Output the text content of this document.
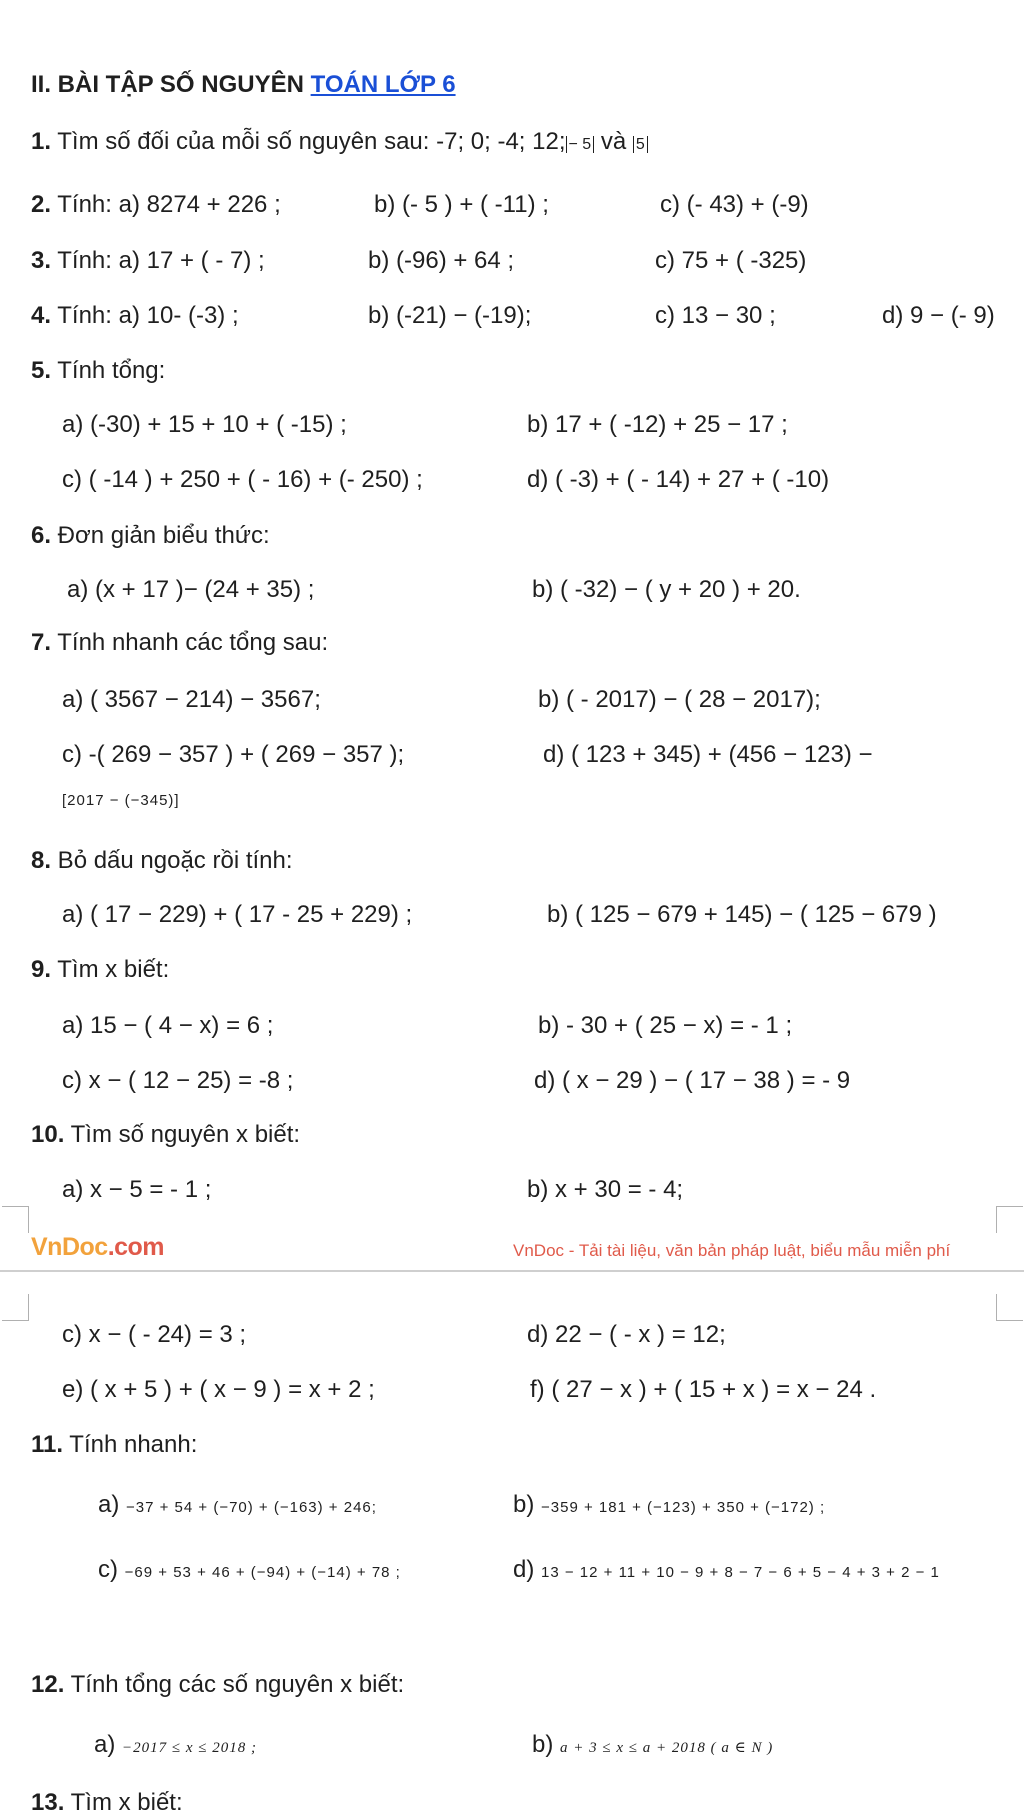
II. BÀI TẬP SỐ NGUYÊN TOÁN LỚP 6
1. Tìm số đối của mỗi số nguyên sau: -7; 0; -4; 12; − 5 và 5
2. Tính: a) 8274 + 226 ;	b) (- 5 ) + ( -11) ;	c) (- 43) + (-9)
3. Tính: a) 17 + ( - 7) ;	b) (-96) + 64 ;	c) 75 + ( -325)
4. Tính: a) 10- (-3) ;	b) (-21) − (-19);	c) 13 − 30 ;	d) 9 − (- 9)
5. Tính tổng:
a) (-30) + 15 + 10 + ( -15) ;	b) 17 + ( -12) + 25 − 17 ;
c) ( -14 ) + 250 + ( - 16) + (- 250) ;	d) ( -3) + ( - 14) + 27 + ( -10)
6. Đơn giản biểu thức:
a) (x + 17 )− (24 + 35) ;	b) ( -32) − ( y + 20 ) + 20.
7. Tính nhanh các tổng sau:
a) ( 3567 − 214) − 3567;	b) ( - 2017) − ( 28 − 2017);
c) -( 269 − 357 ) + ( 269 − 357 );	d) ( 123 + 345) + (456 − 123) −
[2017 − (−345)]
8. Bỏ dấu ngoặc rồi tính:
a) ( 17 − 229) + ( 17 - 25 + 229) ;	b) ( 125 − 679 + 145) − ( 125 − 679 )
9. Tìm x biết:
a) 15 − ( 4 − x) = 6 ;	b) - 30 + ( 25 − x) = - 1 ;
c) x − ( 12 − 25) = -8 ;	d) ( x − 29 ) − ( 17 − 38 ) = - 9
10. Tìm số nguyên x biết:
a) x − 5 = - 1 ;	b) x + 30 = - 4;
VnDoc.com	VnDoc - Tải tài liệu, văn bản pháp luật, biểu mẫu miễn phí
c) x − ( - 24) = 3 ;	d) 22 − ( - x ) = 12;
e) ( x + 5 ) + ( x − 9 ) = x + 2 ;	f) ( 27 − x ) + ( 15 + x ) = x − 24 .
11. Tính nhanh:
a) −37 + 54 + (−70) + (−163) + 246;	b) −359 + 181 + (−123) + 350 + (−172) ;
c) −69 + 53 + 46 + (−94) + (−14) + 78 ;	d) 13 − 12 + 11 + 10 − 9 + 8 − 7 − 6 + 5 − 4 + 3 + 2 − 1
12. Tính tổng các số nguyên x biết:
a) −2017 ≤ x ≤ 2018 ;	b) a + 3 ≤ x ≤ a + 2018 ( a ∈ N )
13. Tìm x biết:
